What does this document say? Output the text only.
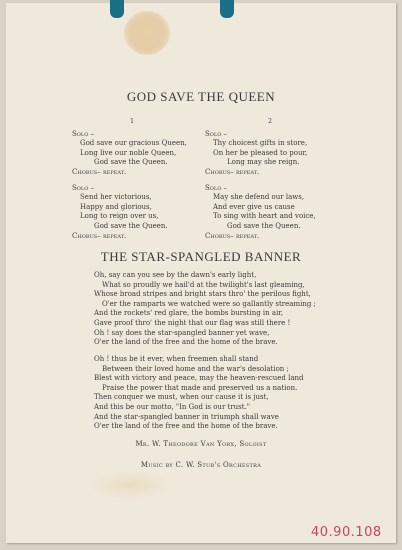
GOD SAVE THE QUEEN
1
Solo –
God save our gracious Queen,
Long live our noble Queen,
God save the Queen.
Chorus– repeat.
Solo –
Send her victorious,
Happy and glorious,
Long to reign over us,
God save the Queen.
Chorus– repeat.
2
Solo –
Thy choicest gifts in store,
On her be pleased to pour,
Long may she reign.
Chorus– repeat.
Solo –
May she defend our laws,
And ever give us cause
To sing with heart and voice,
God save the Queen.
Chorus– repeat.
THE STAR-SPANGLED BANNER
Oh, say can you see by the dawn's early light,
What so proudly we hail'd at the twilight's last gleaming,
Whose broad stripes and bright stars thro' the perilous fight,
O'er the ramparts we watched were so gallantly streaming ;
And the rockets' red glare, the bombs bursting in air,
Gave proof thro' the night that our flag was still there !
Oh ! say does the star-spangled banner yet wave,
O'er the land of the free and the home of the brave.
Oh ! thus be it ever, when freemen shall stand
Between their loved home and the war's desolation ;
Blest with victory and peace, may the heaven-rescued land
Praise the power that made and preserved us a nation.
Then conquer we must, when our cause it is just,
And this be our motto, "In God is our trust."
And the star-spangled banner in triumph shall wave
O'er the land of the free and the home of the brave.
Mr. W. Theodore Van Yorx, Soloist
Music by C. W. Stub's Orchestra
40.90.108
